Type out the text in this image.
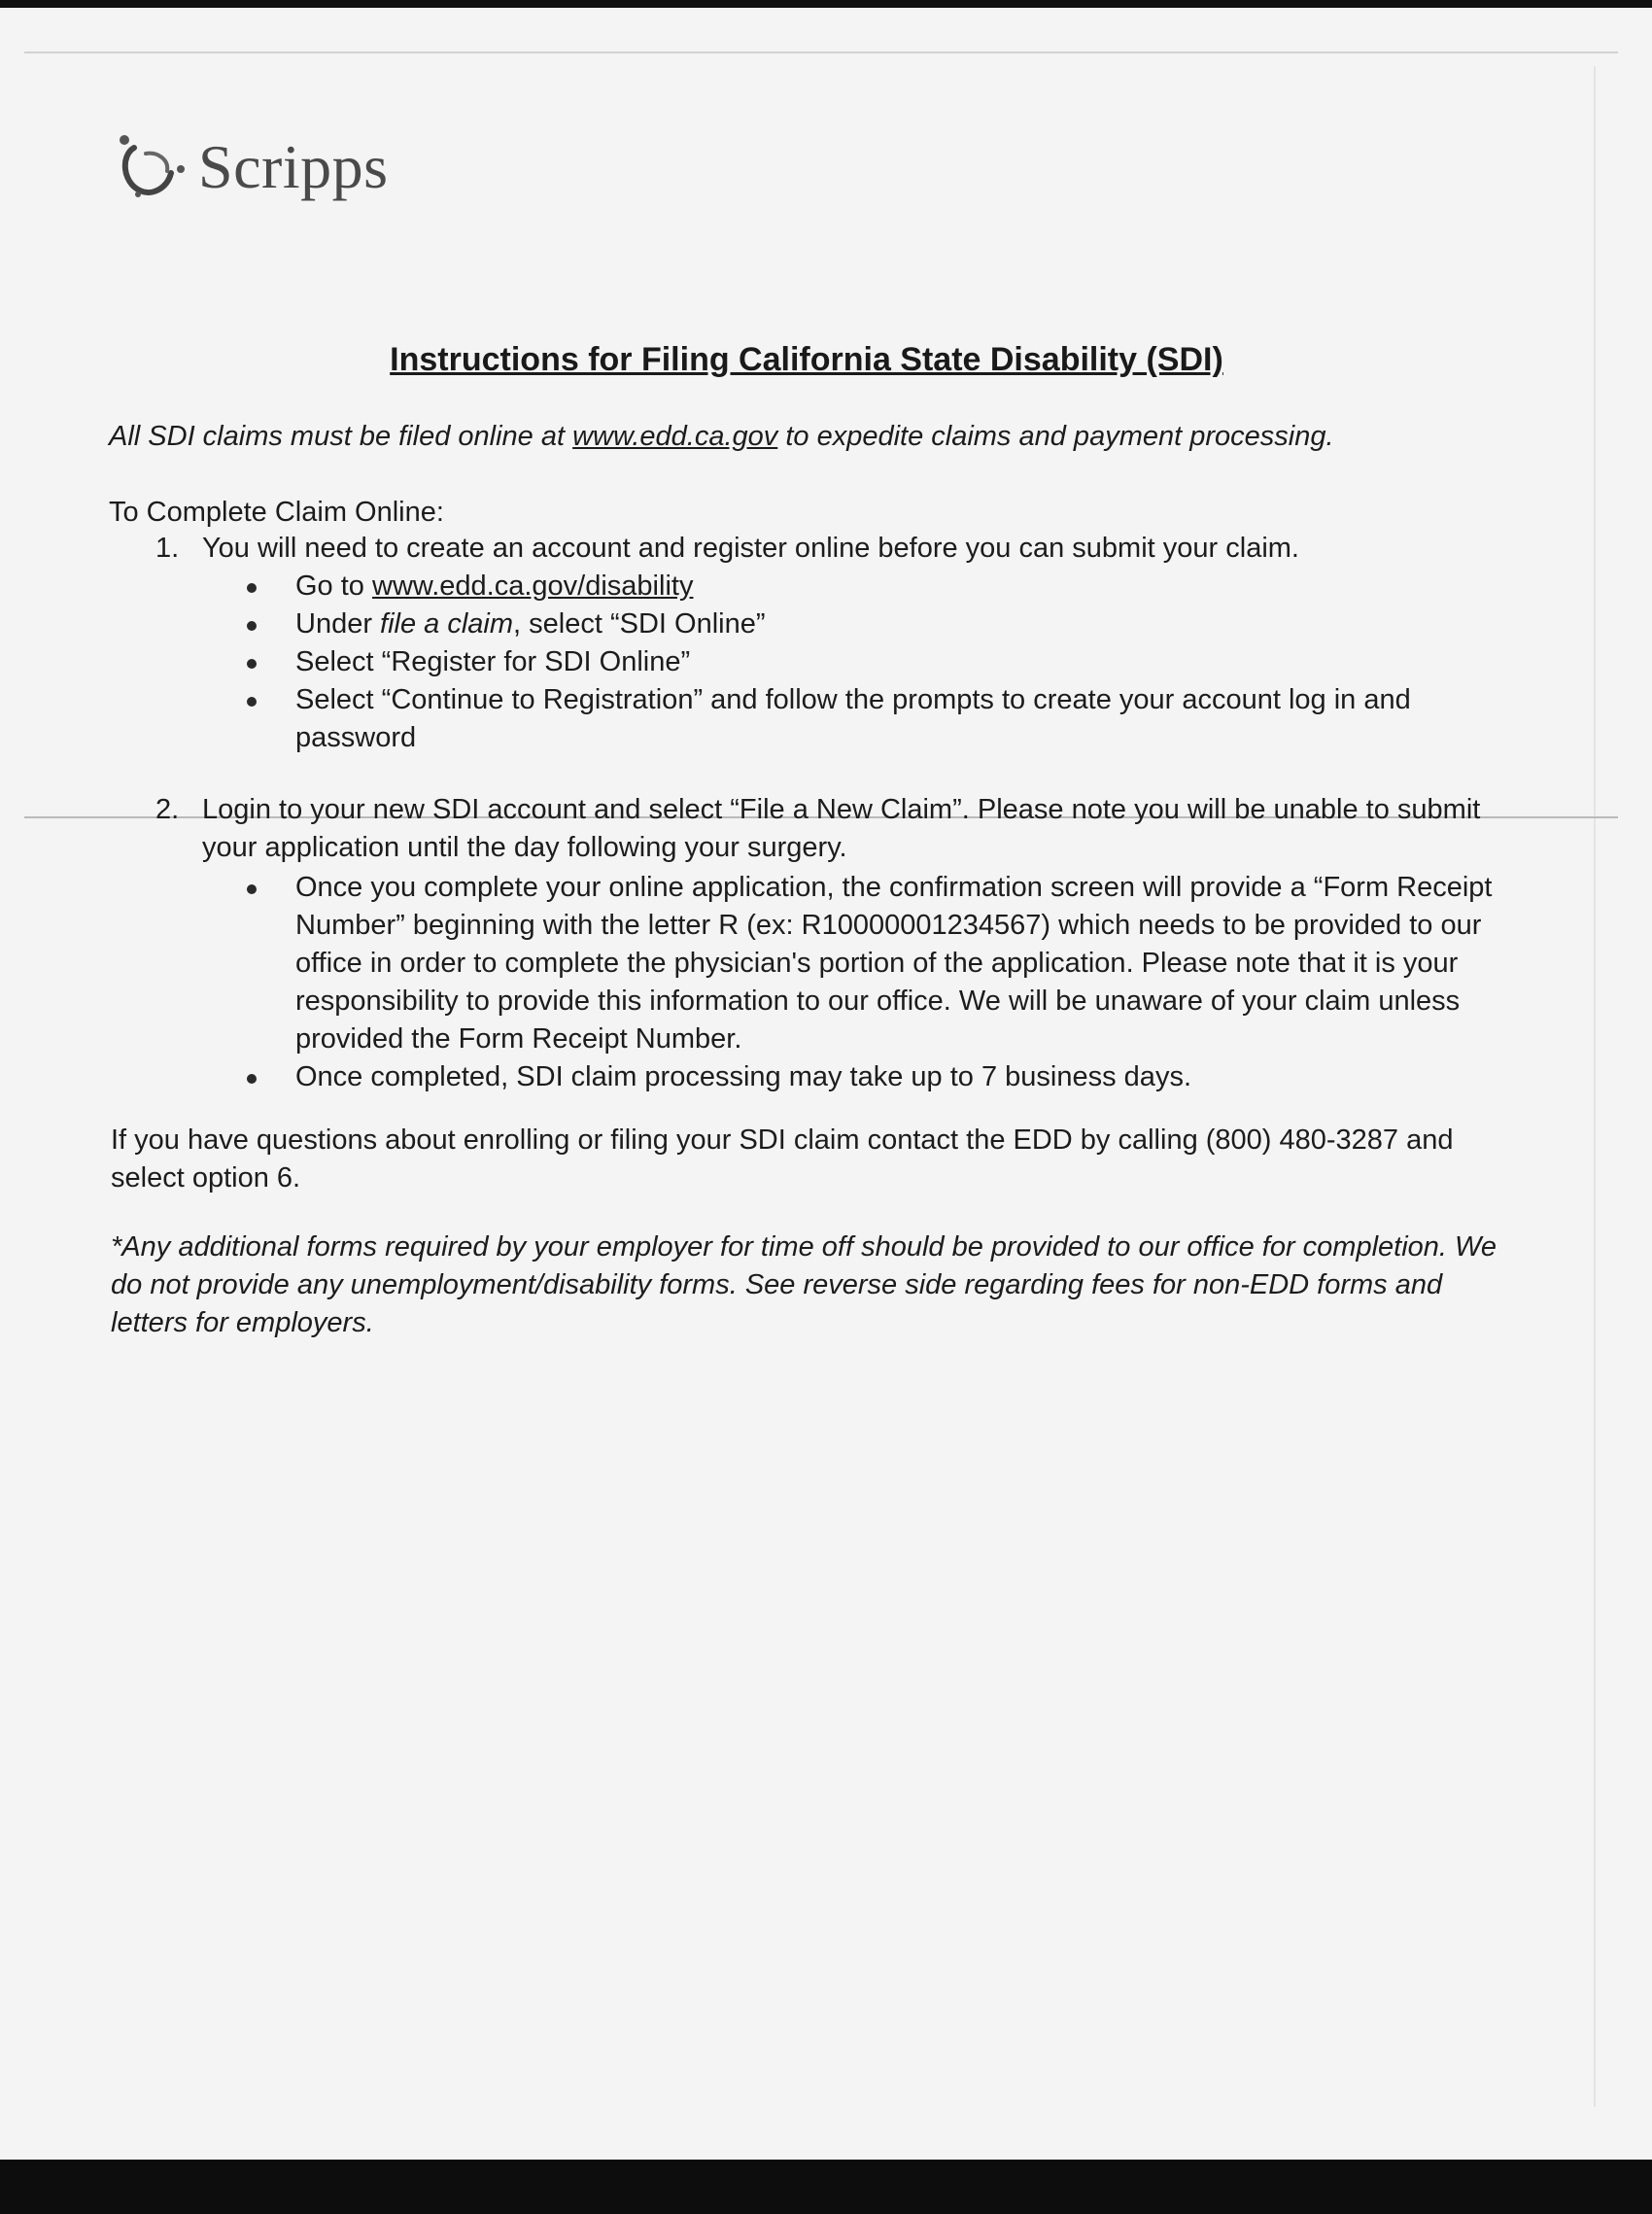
Scripps
Instructions for Filing California State Disability (SDI)
All SDI claims must be filed online at www.edd.ca.gov to expedite claims and payment processing.
To Complete Claim Online:
1. You will need to create an account and register online before you can submit your claim.
Go to www.edd.ca.gov/disability
Under file a claim, select “SDI Online”
Select “Register for SDI Online”
Select “Continue to Registration” and follow the prompts to create your account log in and password
2. Login to your new SDI account and select “File a New Claim”. Please note you will be unable to submit your application until the day following your surgery.
Once you complete your online application, the confirmation screen will provide a “Form Receipt Number” beginning with the letter R (ex: R10000001234567) which needs to be provided to our office in order to complete the physician's portion of the application. Please note that it is your responsibility to provide this information to our office. We will be unaware of your claim unless provided the Form Receipt Number.
Once completed, SDI claim processing may take up to 7 business days.
If you have questions about enrolling or filing your SDI claim contact the EDD by calling (800) 480-3287 and select option 6.
*Any additional forms required by your employer for time off should be provided to our office for completion. We do not provide any unemployment/disability forms. See reverse side regarding fees for non-EDD forms and letters for employers.
